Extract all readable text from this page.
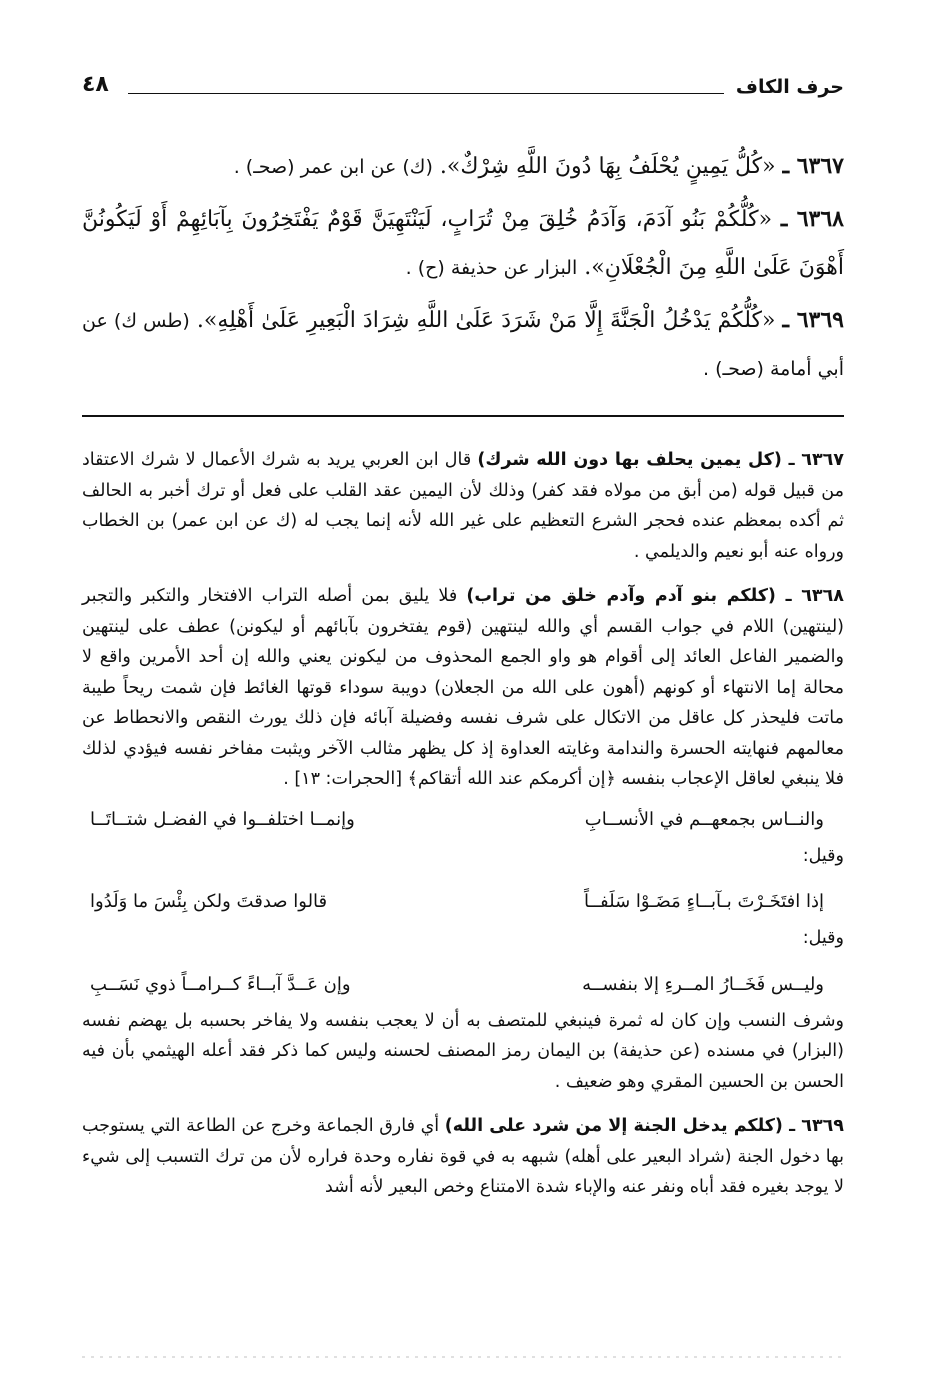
حرف الكاف
٤٨

٦٣٦٧ ـ «كُلُّ يَمِينٍ يُحْلَفُ بِهَا دُونَ اللَّهِ شِرْكٌ». (ك) عن ابن عمر (صحـ) .

٦٣٦٨ ـ «كُلُّكُمْ بَنُو آدَمَ، وَآدَمُ خُلِقَ مِنْ تُرَابٍ، لَيَنْتَهِيَنَّ قَوْمٌ يَفْتَخِرُونَ بِآبَائِهِمْ أَوْ لَيَكُونُنَّ أَهْوَنَ عَلَىٰ اللَّهِ مِنَ الْجُعْلَانِ». البزار عن حذيفة (ح) .

٦٣٦٩ ـ «كُلُّكُمْ يَدْخُلُ الْجَنَّةَ إِلَّا مَنْ شَرَدَ عَلَىٰ اللَّهِ شِرَادَ الْبَعِيرِ عَلَىٰ أَهْلِهِ». (طس ك) عن أبي أمامة (صحـ) .

٦٣٦٧ ـ (كل يمين يحلف بها دون الله شرك) قال ابن العربي يريد به شرك الأعمال لا شرك الاعتقاد من قبيل قوله (من أبق من مولاه فقد كفر) وذلك لأن اليمين عقد القلب على فعل أو ترك أخبر به الحالف ثم أكده بمعظم عنده فحجر الشرع التعظيم على غير الله لأنه إنما يجب له (ك عن ابن عمر) بن الخطاب ورواه عنه أبو نعيم والديلمي .

٦٣٦٨ ـ (كلكم بنو آدم وآدم خلق من تراب) فلا يليق بمن أصله التراب الافتخار والتكبر والتجبر (لينتهين) اللام في جواب القسم أي والله لينتهين (قوم يفتخرون بآبائهم أو ليكونن) عطف على لينتهين والضمير الفاعل العائد إلى أقوام هو واو الجمع المحذوف من ليكونن يعني والله إن أحد الأمرين واقع لا محالة إما الانتهاء أو كونهم (أهون على الله من الجعلان) دويبة سوداء قوتها الغائط فإن شمت ريحاً طيبة ماتت فليحذر كل عاقل من الاتكال على شرف نفسه وفضيلة آبائه فإن ذلك يورث النقص والانحطاط عن معالمهم فنهايته الحسرة والندامة وغايته العداوة إذ كل يظهر مثالب الآخر ويثبت مفاخر نفسه فيؤدي لذلك فلا ينبغي لعاقل الإعجاب بنفسه ﴿إن أكرمكم عند الله أتقاكم﴾ [الحجرات: ١٣] .

والنــاس بجمعهــم في الأنســابِ
وإنمــا اختلفــوا في الفضـل شتــاتَــا

وقيل:

إذا افتَخَـرْتَ بـآبــاءٍ مَضَـوْا سَلَفــاً
قالوا صدقتَ ولكن بِئْسَ ما وَلَدُوا

وقيل:

وليــس فَخَــارُ المــرءِ إلا بنفســه
وإن عَــدَّ آبــاءً كــرامــاً ذوي نَسَــبِ

وشرف النسب وإن كان له ثمرة فينبغي للمتصف به أن لا يعجب بنفسه ولا يفاخر بحسبه بل يهضم نفسه (البزار) في مسنده (عن حذيفة) بن اليمان رمز المصنف لحسنه وليس كما ذكر فقد أعله الهيثمي بأن فيه الحسن بن الحسين المقري وهو ضعيف .

٦٣٦٩ ـ (كلكم يدخل الجنة إلا من شرد على الله) أي فارق الجماعة وخرج عن الطاعة التي يستوجب بها دخول الجنة (شراد البعير على أهله) شبهه به في قوة نفاره وحدة فراره لأن من ترك التسبب إلى شيء لا يوجد بغيره فقد أباه ونفر عنه والإباء شدة الامتناع وخص البعير لأنه أشد
